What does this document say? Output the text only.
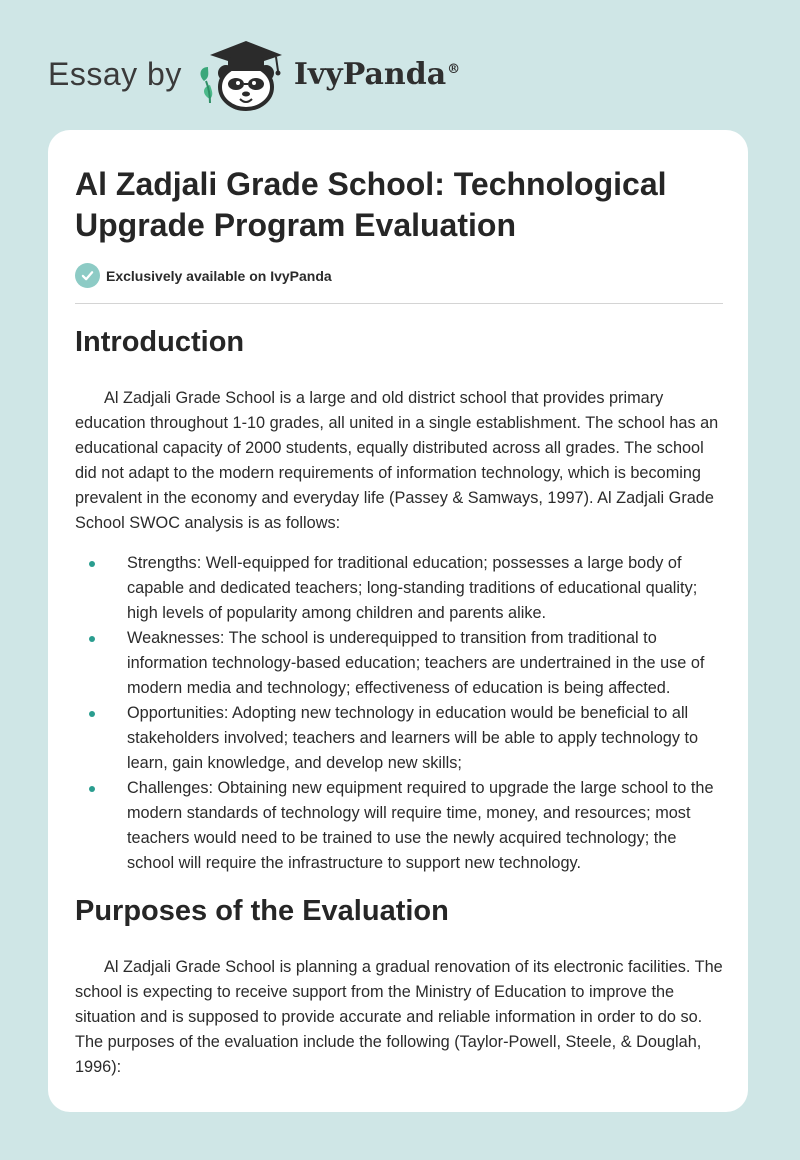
Essay by	IvyPanda®
Al Zadjali Grade School: Technological Upgrade Program Evaluation
Exclusively available on IvyPanda
Introduction

Al Zadjali Grade School is a large and old district school that provides primary education throughout 1-10 grades, all united in a single establishment. The school has an educational capacity of 2000 students, equally distributed across all grades. The school did not adapt to the modern requirements of information technology, which is becoming prevalent in the economy and everyday life (Passey & Samways, 1997). Al Zadjali Grade School SWOC analysis is as follows:

Strengths: Well-equipped for traditional education; possesses a large body of capable and dedicated teachers; long-standing traditions of educational quality; high levels of popularity among children and parents alike.
Weaknesses: The school is underequipped to transition from traditional to information technology-based education; teachers are undertrained in the use of modern media and technology; effectiveness of education is being affected.
Opportunities: Adopting new technology in education would be beneficial to all stakeholders involved; teachers and learners will be able to apply technology to learn, gain knowledge, and develop new skills;
Challenges: Obtaining new equipment required to upgrade the large school to the modern standards of technology will require time, money, and resources; most teachers would need to be trained to use the newly acquired technology; the school will require the infrastructure to support new technology.
Purposes of the Evaluation

Al Zadjali Grade School is planning a gradual renovation of its electronic facilities. The school is expecting to receive support from the Ministry of Education to improve the situation and is supposed to provide accurate and reliable information in order to do so. The purposes of the evaluation include the following (Taylor-Powell, Steele, & Douglah, 1996):
